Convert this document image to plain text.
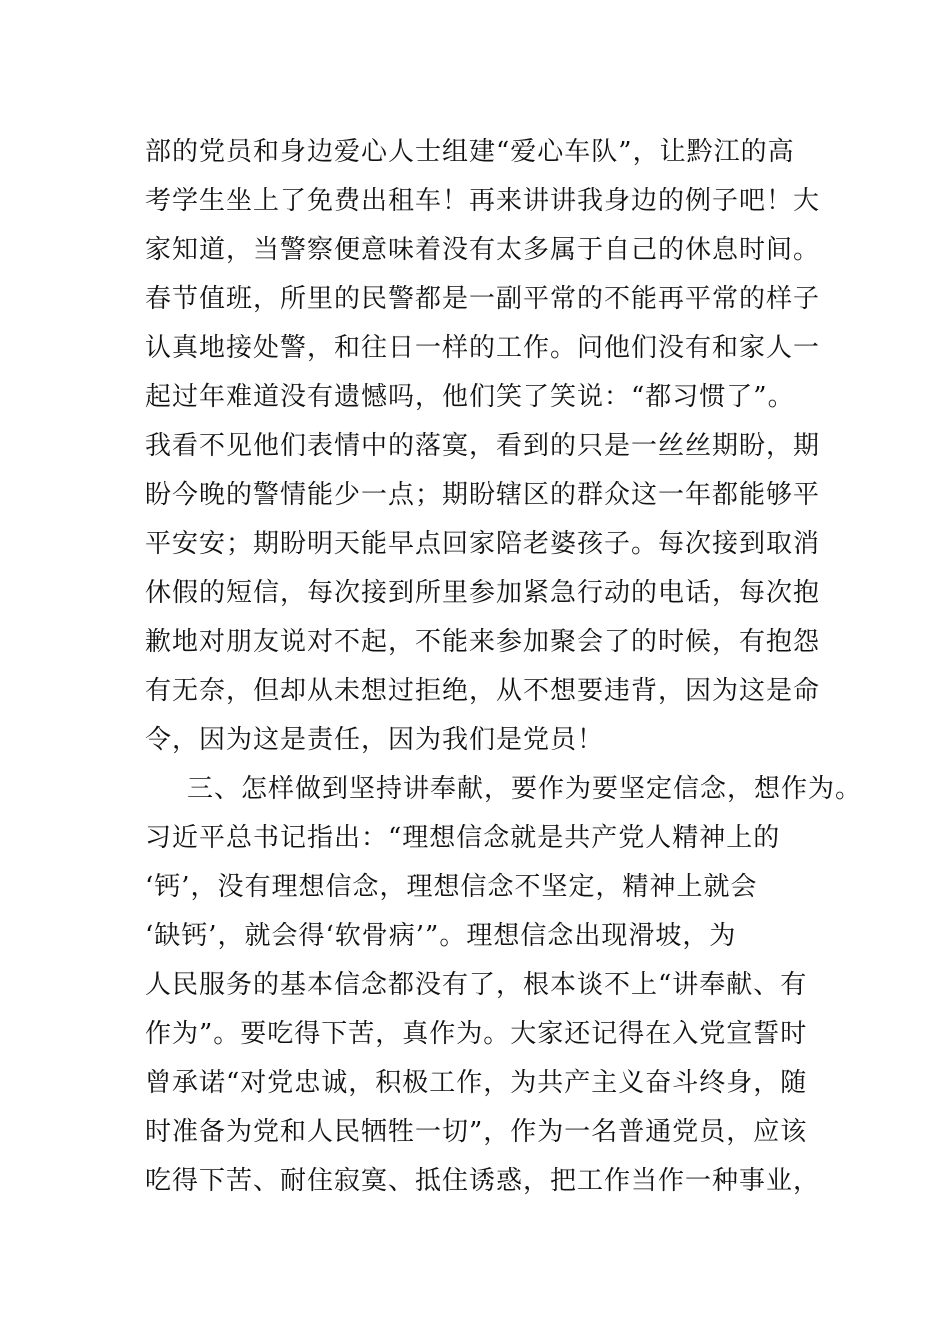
部的党员和身边爱心人士组建“爱心车队”，让黔江的高
考学生坐上了免费出租车！再来讲讲我身边的例子吧！大
家知道，当警察便意味着没有太多属于自己的休息时间。
春节值班，所里的民警都是一副平常的不能再平常的样子
认真地接处警，和往日一样的工作。问他们没有和家人一
起过年难道没有遗憾吗，他们笑了笑说：“都习惯了”。
我看不见他们表情中的落寞，看到的只是一丝丝期盼，期
盼今晚的警情能少一点；期盼辖区的群众这一年都能够平
平安安；期盼明天能早点回家陪老婆孩子。每次接到取消
休假的短信，每次接到所里参加紧急行动的电话，每次抱
歉地对朋友说对不起，不能来参加聚会了的时候，有抱怨
有无奈，但却从未想过拒绝，从不想要违背，因为这是命
令，因为这是责任，因为我们是党员！
三、怎样做到坚持讲奉献，要作为要坚定信念，想作为。
习近平总书记指出：“理想信念就是共产党人精神上的
‘钙’，没有理想信念，理想信念不坚定，精神上就会
‘缺钙’，就会得‘软骨病’”。理想信念出现滑坡，为
人民服务的基本信念都没有了，根本谈不上“讲奉献、有
作为”。要吃得下苦，真作为。大家还记得在入党宣誓时
曾承诺“对党忠诚，积极工作，为共产主义奋斗终身，随
时准备为党和人民牺牲一切”，作为一名普通党员，应该
吃得下苦、耐住寂寞、抵住诱惑，把工作当作一种事业，
